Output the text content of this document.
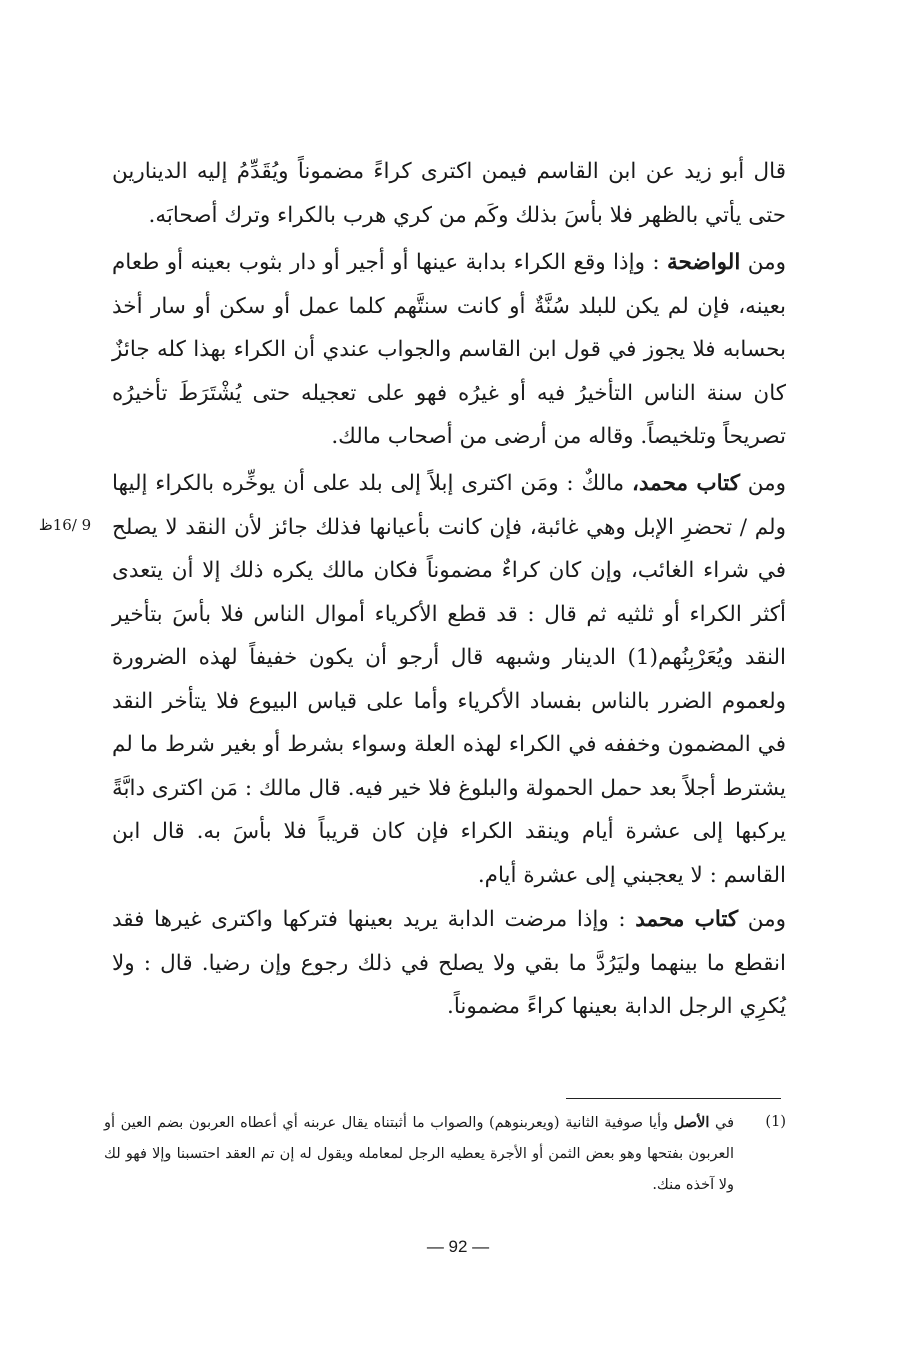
قال أبو زيد عن ابن القاسم فيمن اكترى كراءً مضموناً ويُقَدِّمُ إليه الدينارين حتى يأتي بالظهر فلا بأسَ بذلك وكَم من كري هرب بالكراء وترك أصحابَه.

ومن الواضحة : وإذا وقع الكراء بدابة عينها أو أجير أو دار بثوب بعينه أو طعام بعينه، فإن لم يكن للبلد سُنَّةٌ أو كانت سنتَّهم كلما عمل أو سكن أو سار أخذ بحسابه فلا يجوز في قول ابن القاسم والجواب عندي أن الكراء بهذا كله جائزٌ كان سنة الناس التأخيرُ فيه أو غيرُه فهو على تعجيله حتى يُشْتَرَطَ تأخيرُه تصريحاً وتلخيصاً. وقاله من أرضى من أصحاب مالك.

ومن كتاب محمد، مالكٌ : ومَن اكترى إبلاً إلى بلد على أن يوخِّره بالكراء إليها ولم / تحضرِ الإبل وهي غائبة، فإن كانت بأعيانها فذلك جائز لأن النقد لا يصلح في شراء الغائب، وإن كان كراءٌ مضموناً فكان مالك يكره ذلك إلا أن يتعدى أكثر الكراء أو ثلثيه ثم قال : قد قطع الأكرياء أموال الناس فلا بأسَ بتأخير النقد ويُعَرْبِنُهم(1) الدينار وشبهه قال أرجو أن يكون خفيفاً لهذه الضرورة ولعموم الضرر بالناس بفساد الأكرياء وأما على قياس البيوع فلا يتأخر النقد في المضمون وخففه في الكراء لهذه العلة وسواء بشرط أو بغير شرط ما لم يشترط أجلاً بعد حمل الحمولة والبلوغ فلا خير فيه. قال مالك : مَن اكترى دابَّةً يركبها إلى عشرة أيام وينقد الكراء فإن كان قريباً فلا بأسَ به. قال ابن القاسم : لا يعجبني إلى عشرة أيام.

9 /16ظ

ومن كتاب محمد : وإذا مرضت الدابة يريد بعينها فتركها واكترى غيرها فقد انقطع ما بينهما وليَرُدَّ ما بقي ولا يصلح في ذلك رجوع وإن رضيا. قال : ولا يُكرِي الرجل الدابة بعينها كراءً مضموناً.

(1)
في الأصل وأيا صوفية الثانية (ويعربنوهم) والصواب ما أثبتناه يقال عربنه أي أعطاه العربون بضم العين أو العربون بفتحها وهو بعض الثمن أو الأجرة يعطيه الرجل لمعامله ويقول له إن تم العقد احتسبنا وإلا فهو لك ولا آخذه منك.
— 92 —
